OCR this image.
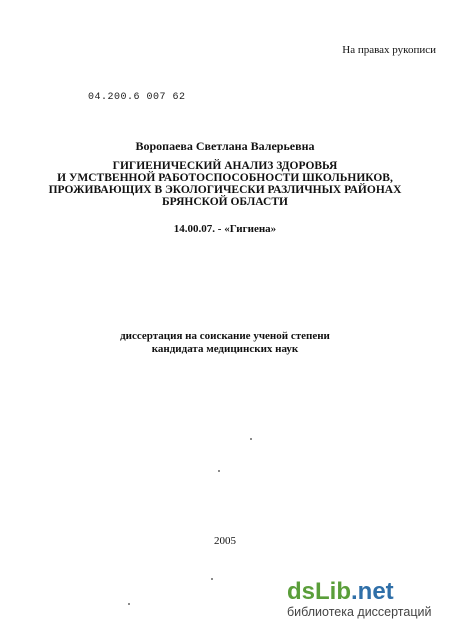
На правах рукописи
04.200.6 007 62
Воропаева Светлана Валерьевна
ГИГИЕНИЧЕСКИЙ АНАЛИЗ ЗДОРОВЬЯ
И УМСТВЕННОЙ РАБОТОСПОСОБНОСТИ ШКОЛЬНИКОВ,
ПРОЖИВАЮЩИХ В ЭКОЛОГИЧЕСКИ РАЗЛИЧНЫХ РАЙОНАХ
БРЯНСКОЙ ОБЛАСТИ
14.00.07. - «Гигиена»
диссертация на соискание ученой степени
кандидата медицинских наук
2005
dsLib.net
библиотека диссертаций
